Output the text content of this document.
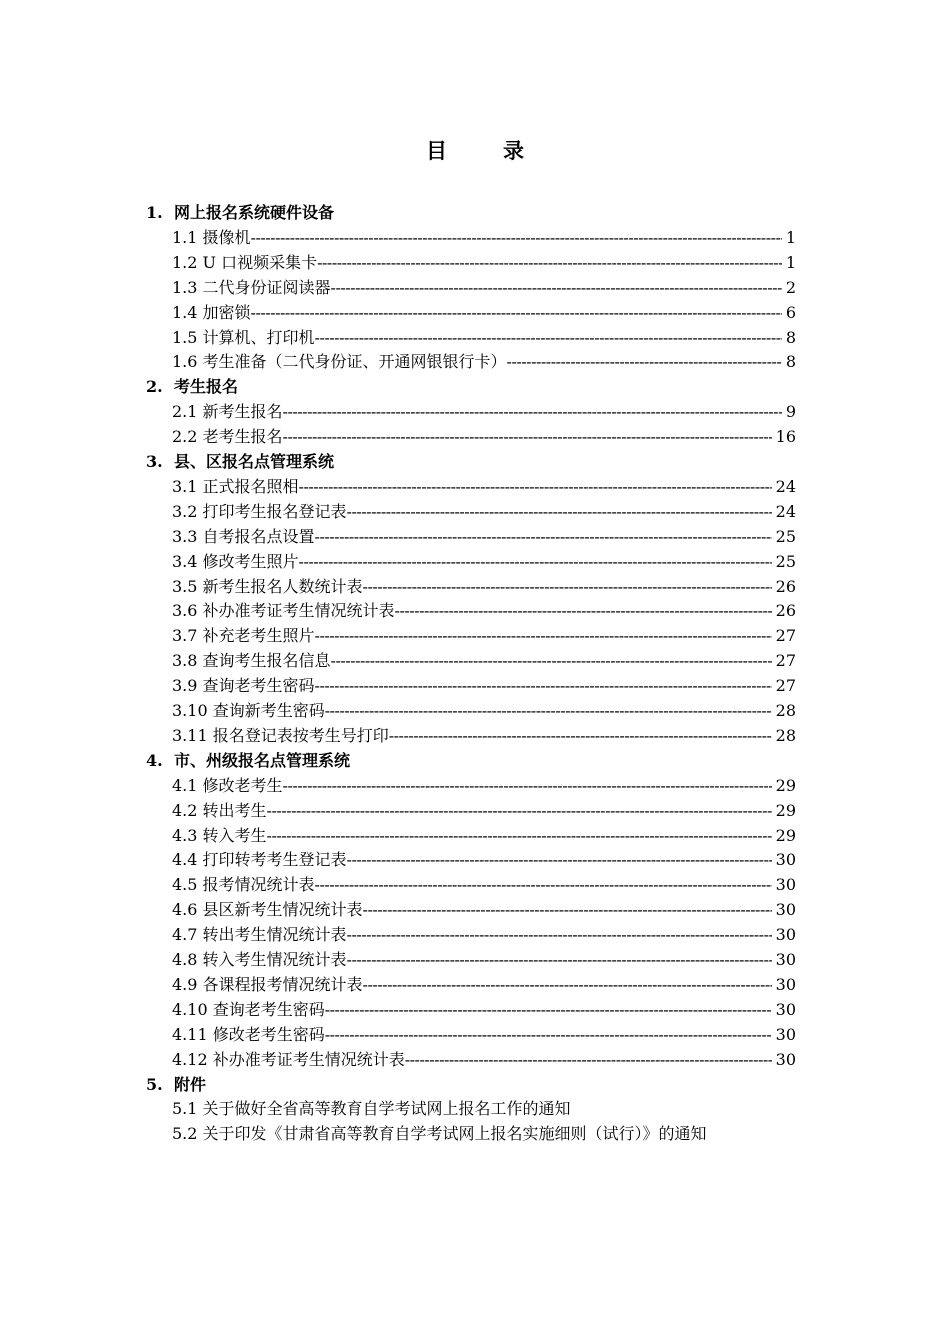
目	录
1. 网上报名系统硬件设备
1.1 摄像机 -----	1
1.2 U 口视频采集卡 -----	1
1.3 二代身份证阅读器 -----	2
1.4 加密锁 -----	6
1.5 计算机、打印机 -----	8
1.6 考生准备（二代身份证、开通网银银行卡） -----	8
2. 考生报名
2.1 新考生报名 -----	9
2.2 老考生报名 -----	16
3. 县、区报名点管理系统
3.1 正式报名照相 -----	24
3.2 打印考生报名登记表 -----	24
3.3 自考报名点设置 -----	25
3.4 修改考生照片 -----	25
3.5 新考生报名人数统计表 -----	26
3.6 补办准考证考生情况统计表 -----	26
3.7 补充老考生照片 -----	27
3.8 查询考生报名信息 -----	27
3.9 查询老考生密码 -----	27
3.10 查询新考生密码 -----	28
3.11 报名登记表按考生号打印 -----	28
4. 市、州级报名点管理系统
4.1 修改老考生 -----	29
4.2 转出考生 -----	29
4.3 转入考生 -----	29
4.4 打印转考考生登记表 -----	30
4.5 报考情况统计表 -----	30
4.6 县区新考生情况统计表 -----	30
4.7 转出考生情况统计表 -----	30
4.8 转入考生情况统计表 -----	30
4.9 各课程报考情况统计表 -----	30
4.10 查询老考生密码 -----	30
4.11 修改老考生密码 -----	30
4.12 补办准考证考生情况统计表 -----	30
5. 附件
5.1 关于做好全省高等教育自学考试网上报名工作的通知
5.2 关于印发《甘肃省高等教育自学考试网上报名实施细则（试行）》的通知
